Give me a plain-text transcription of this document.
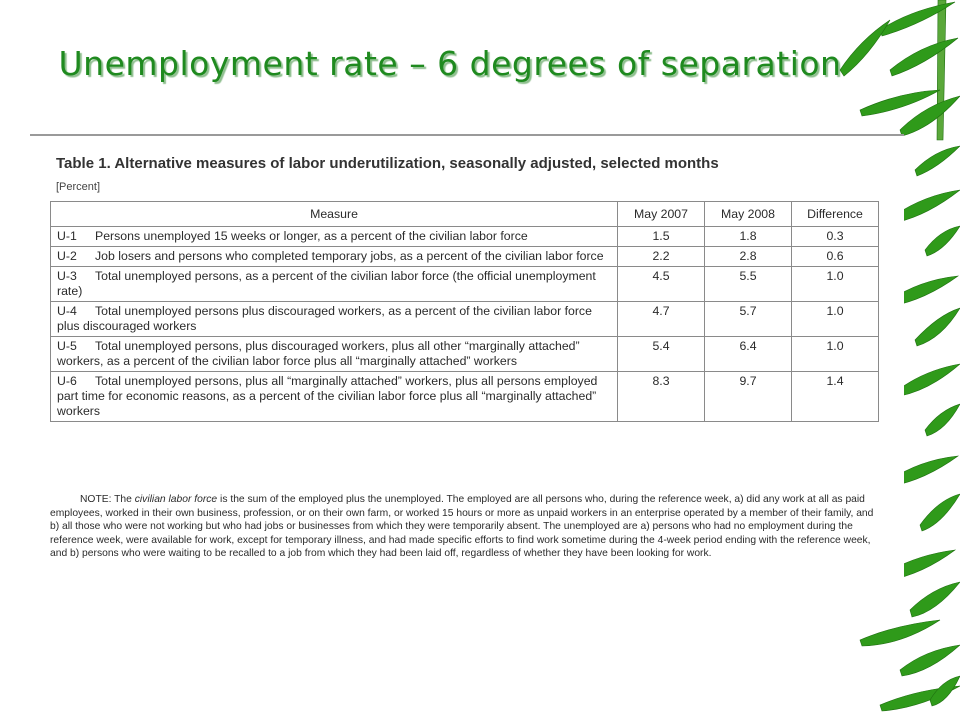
Unemployment rate – 6 degrees of separation
Table 1. Alternative measures of labor underutilization, seasonally adjusted, selected months
[Percent]
Measure	May 2007	May 2008	Difference
U-1 Persons unemployed 15 weeks or longer, as a percent of the civilian labor force	1.5	1.8	0.3
U-2 Job losers and persons who completed temporary jobs, as a percent of the civilian labor force	2.2	2.8	0.6
U-3 Total unemployed persons, as a percent of the civilian labor force (the official unemployment rate)	4.5	5.5	1.0
U-4 Total unemployed persons plus discouraged workers, as a percent of the civilian labor force plus discouraged workers	4.7	5.7	1.0
U-5 Total unemployed persons, plus discouraged workers, plus all other “marginally attached” workers, as a percent of the civilian labor force plus all “marginally attached” workers	5.4	6.4	1.0
U-6 Total unemployed persons, plus all “marginally attached” workers, plus all persons employed part time for economic reasons, as a percent of the civilian labor force plus all “marginally attached” workers	8.3	9.7	1.4
NOTE: The civilian labor force is the sum of the employed plus the unemployed. The employed are all persons who, during the reference week, a) did any work at all as paid employees, worked in their own business, profession, or on their own farm, or worked 15 hours or more as unpaid workers in an enterprise operated by a member of their family, and b) all those who were not working but who had jobs or businesses from which they were temporarily absent. The unemployed are a) persons who had no employment during the reference week, were available for work, except for temporary illness, and had made specific efforts to find work sometime during the 4-week period ending with the reference week, and b) persons who were waiting to be recalled to a job from which they had been laid off, regardless of whether they have been looking for work.
